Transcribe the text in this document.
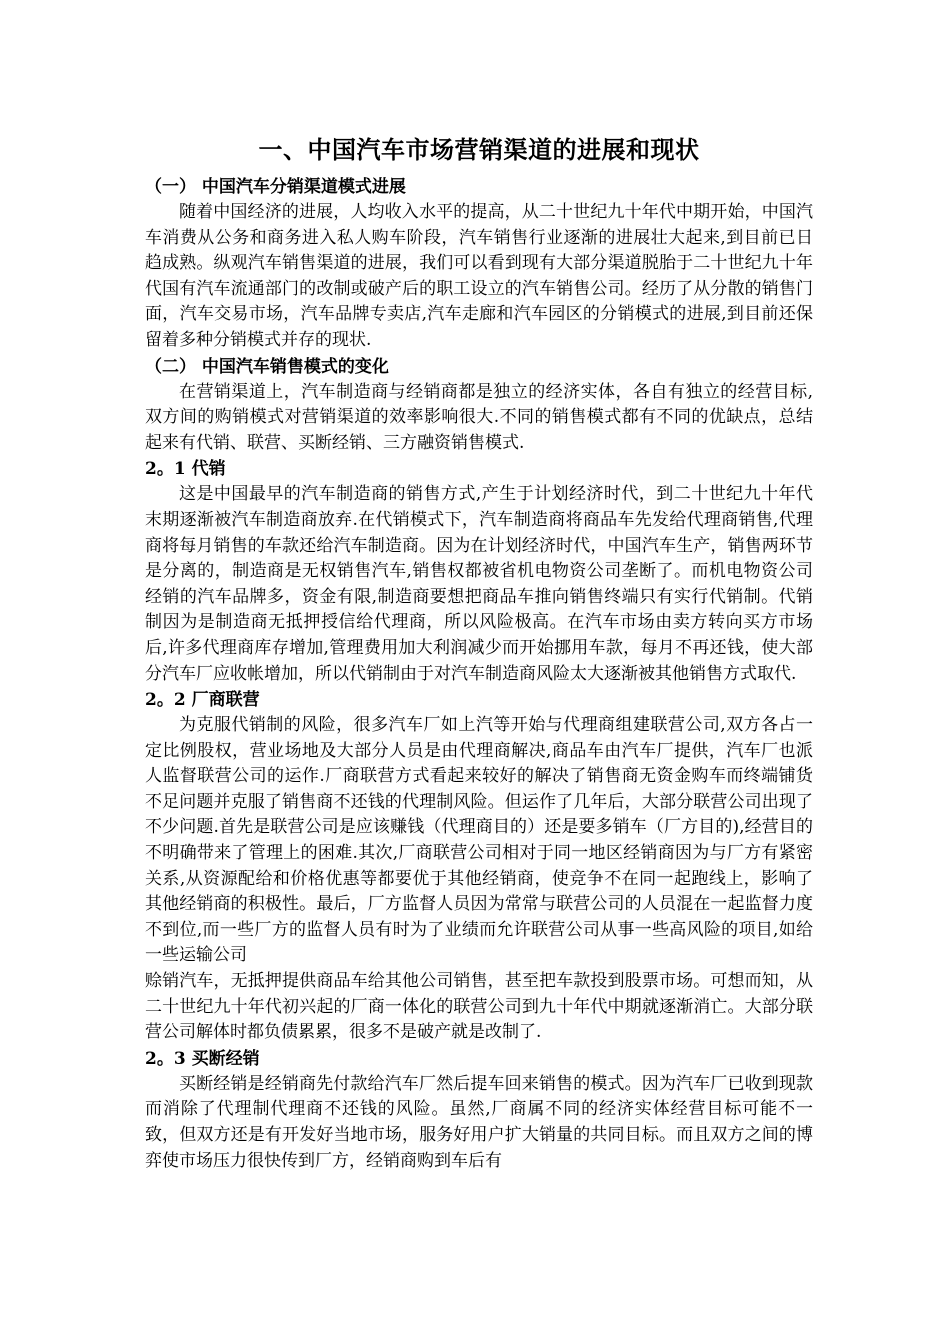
一、中国汽车市场营销渠道的进展和现状
（一） 中国汽车分销渠道模式进展

随着中国经济的进展，人均收入水平的提高，从二十世纪九十年代中期开始，中国汽车消费从公务和商务进入私人购车阶段，汽车销售行业逐渐的进展壮大起来,到目前已日趋成熟。纵观汽车销售渠道的进展，我们可以看到现有大部分渠道脱胎于二十世纪九十年代国有汽车流通部门的改制或破产后的职工设立的汽车销售公司。经历了从分散的销售门面，汽车交易市场，汽车品牌专卖店,汽车走廊和汽车园区的分销模式的进展,到目前还保留着多种分销模式并存的现状.

（二） 中国汽车销售模式的变化

在营销渠道上，汽车制造商与经销商都是独立的经济实体，各自有独立的经营目标,双方间的购销模式对营销渠道的效率影响很大.不同的销售模式都有不同的优缺点，总结起来有代销、联营、买断经销、三方融资销售模式.

2。1 代销

这是中国最早的汽车制造商的销售方式,产生于计划经济时代，到二十世纪九十年代末期逐渐被汽车制造商放弃.在代销模式下，汽车制造商将商品车先发给代理商销售,代理商将每月销售的车款还给汽车制造商。因为在计划经济时代，中国汽车生产，销售两环节是分离的，制造商是无权销售汽车,销售权都被省机电物资公司垄断了。而机电物资公司经销的汽车品牌多，资金有限,制造商要想把商品车推向销售终端只有实行代销制。代销制因为是制造商无抵押授信给代理商，所以风险极高。在汽车市场由卖方转向买方市场后,许多代理商库存增加,管理费用加大利润减少而开始挪用车款，每月不再还钱，使大部分汽车厂应收帐增加，所以代销制由于对汽车制造商风险太大逐渐被其他销售方式取代.

2。2 厂商联营

为克服代销制的风险，很多汽车厂如上汽等开始与代理商组建联营公司,双方各占一定比例股权，营业场地及大部分人员是由代理商解决,商品车由汽车厂提供，汽车厂也派人监督联营公司的运作.厂商联营方式看起来较好的解决了销售商无资金购车而终端铺货不足问题并克服了销售商不还钱的代理制风险。但运作了几年后，大部分联营公司出现了不少问题.首先是联营公司是应该赚钱（代理商目的）还是要多销车（厂方目的),经营目的不明确带来了管理上的困难.其次,厂商联营公司相对于同一地区经销商因为与厂方有紧密关系,从资源配给和价格优惠等都要优于其他经销商，使竞争不在同一起跑线上，影响了其他经销商的积极性。最后，厂方监督人员因为常常与联营公司的人员混在一起监督力度不到位,而一些厂方的监督人员有时为了业绩而允许联营公司从事一些高风险的项目,如给一些运输公司

赊销汽车，无抵押提供商品车给其他公司销售，甚至把车款投到股票市场。可想而知，从二十世纪九十年代初兴起的厂商一体化的联营公司到九十年代中期就逐渐消亡。大部分联营公司解体时都负债累累，很多不是破产就是改制了.

2。3 买断经销

买断经销是经销商先付款给汽车厂然后提车回来销售的模式。因为汽车厂已收到现款而消除了代理制代理商不还钱的风险。虽然,厂商属不同的经济实体经营目标可能不一致，但双方还是有开发好当地市场，服务好用户扩大销量的共同目标。而且双方之间的博弈使市场压力很快传到厂方，经销商购到车后有
